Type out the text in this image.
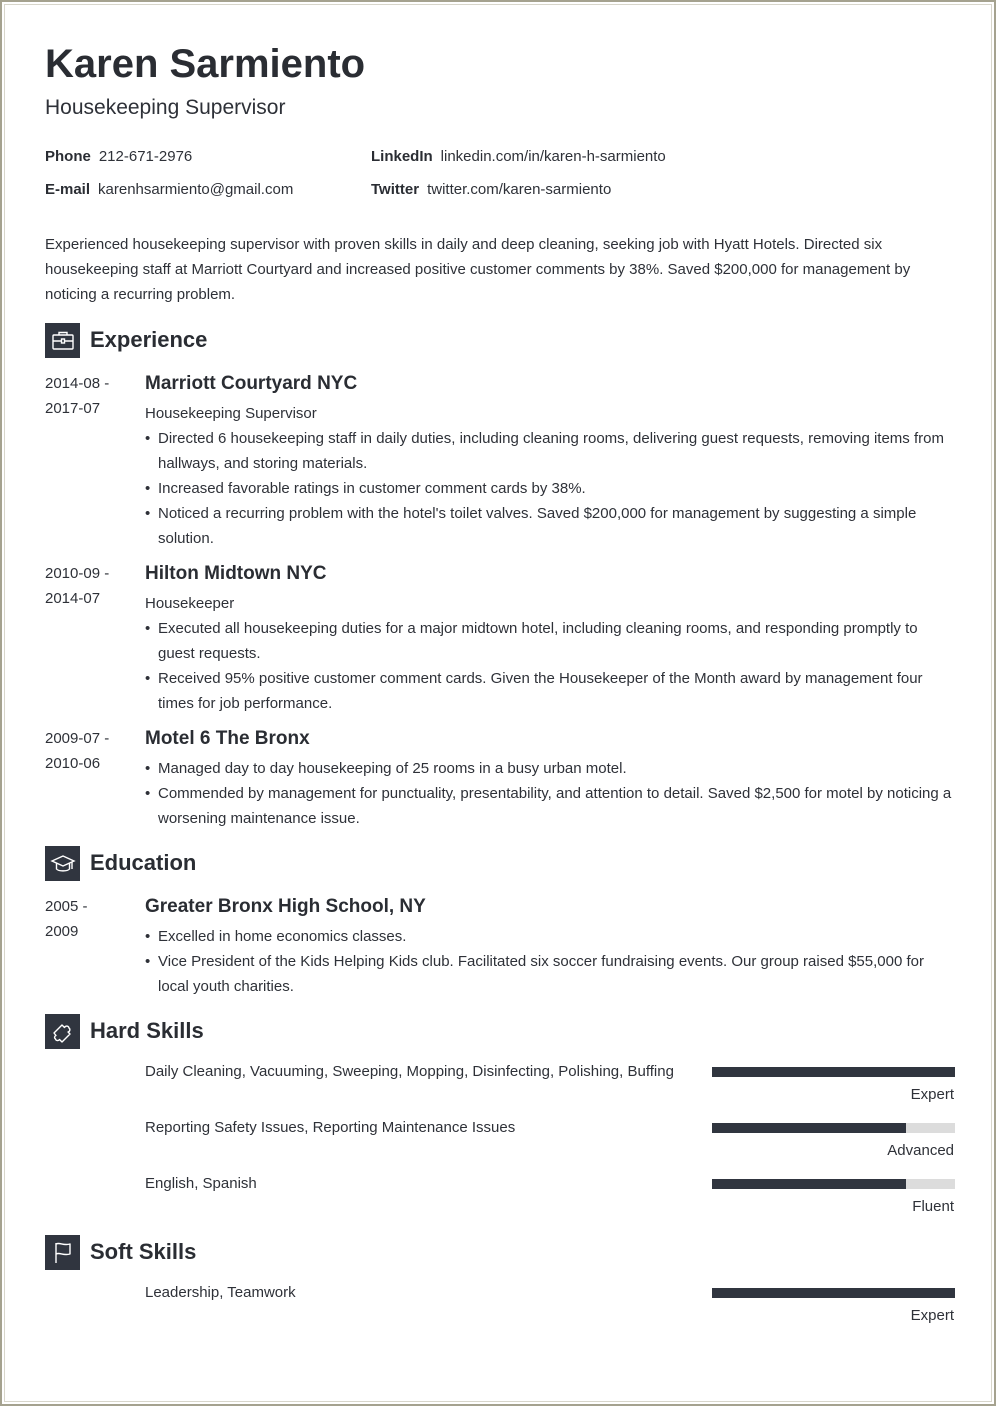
Karen Sarmiento
Housekeeping Supervisor
Phone 212-671-2976	LinkedIn linkedin.com/in/karen-h-sarmiento
E-mail karenhsarmiento@gmail.com	Twitter twitter.com/karen-sarmiento
Experienced housekeeping supervisor with proven skills in daily and deep cleaning, seeking job with Hyatt Hotels. Directed six housekeeping staff at Marriott Courtyard and increased positive customer comments by 38%. Saved $200,000 for management by noticing a recurring problem.
Experience
2014-08 -
2017-07
Marriott Courtyard NYC
Housekeeping Supervisor
• Directed 6 housekeeping staff in daily duties, including cleaning rooms, delivering guest requests, removing items from hallways, and storing materials.
• Increased favorable ratings in customer comment cards by 38%.
• Noticed a recurring problem with the hotel's toilet valves. Saved $200,000 for management by suggesting a simple solution.
2010-09 -
2014-07
Hilton Midtown NYC
Housekeeper
• Executed all housekeeping duties for a major midtown hotel, including cleaning rooms, and responding promptly to guest requests.
• Received 95% positive customer comment cards. Given the Housekeeper of the Month award by management four times for job performance.
2009-07 -
2010-06
Motel 6 The Bronx
• Managed day to day housekeeping of 25 rooms in a busy urban motel.
• Commended by management for punctuality, presentability, and attention to detail. Saved $2,500 for motel by noticing a worsening maintenance issue.
Education
2005 -
2009
Greater Bronx High School, NY
• Excelled in home economics classes.
• Vice President of the Kids Helping Kids club. Facilitated six soccer fundraising events. Our group raised $55,000 for local youth charities.
Hard Skills
Daily Cleaning, Vacuuming, Sweeping, Mopping, Disinfecting, Polishing, Buffing
Expert
Reporting Safety Issues, Reporting Maintenance Issues
Advanced
English, Spanish
Fluent
Soft Skills
Leadership, Teamwork
Expert
